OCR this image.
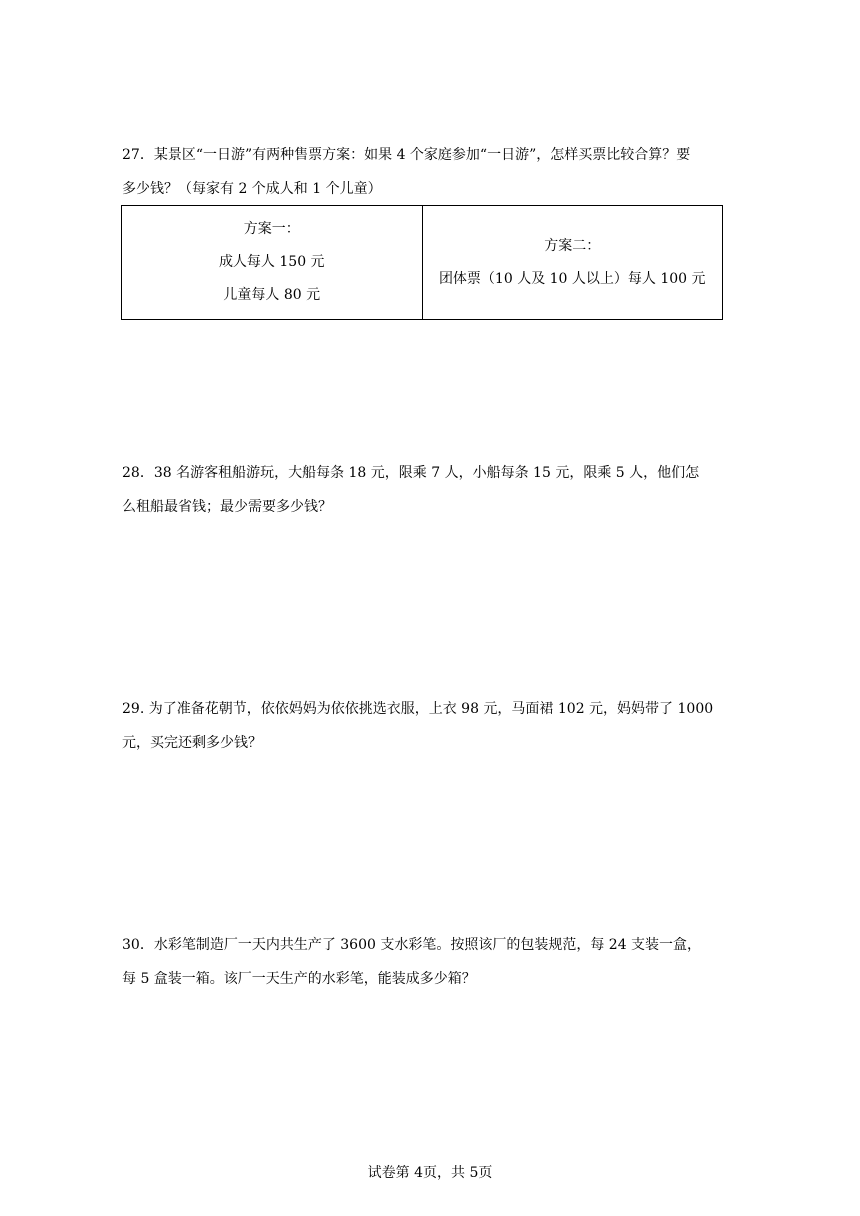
27．某景区“一日游”有两种售票方案：如果 4 个家庭参加“一日游”，怎样买票比较合算？要

多少钱？（每家有 2 个成人和 1 个儿童）

方案一：
成人每人 150 元
儿童每人 80 元

方案二：
团体票（10 人及 10 人以上）每人 100 元

28．38 名游客租船游玩，大船每条 18 元，限乘 7 人，小船每条 15 元，限乘 5 人，他们怎

么租船最省钱；最少需要多少钱？

29. 为了准备花朝节，依依妈妈为依依挑选衣服，上衣 98 元，马面裙 102 元，妈妈带了 1000

元，买完还剩多少钱？

30．水彩笔制造厂一天内共生产了 3600 支水彩笔。按照该厂的包装规范，每 24 支装一盒，

每 5 盒装一箱。该厂一天生产的水彩笔，能装成多少箱？

试卷第 4页，共 5页
